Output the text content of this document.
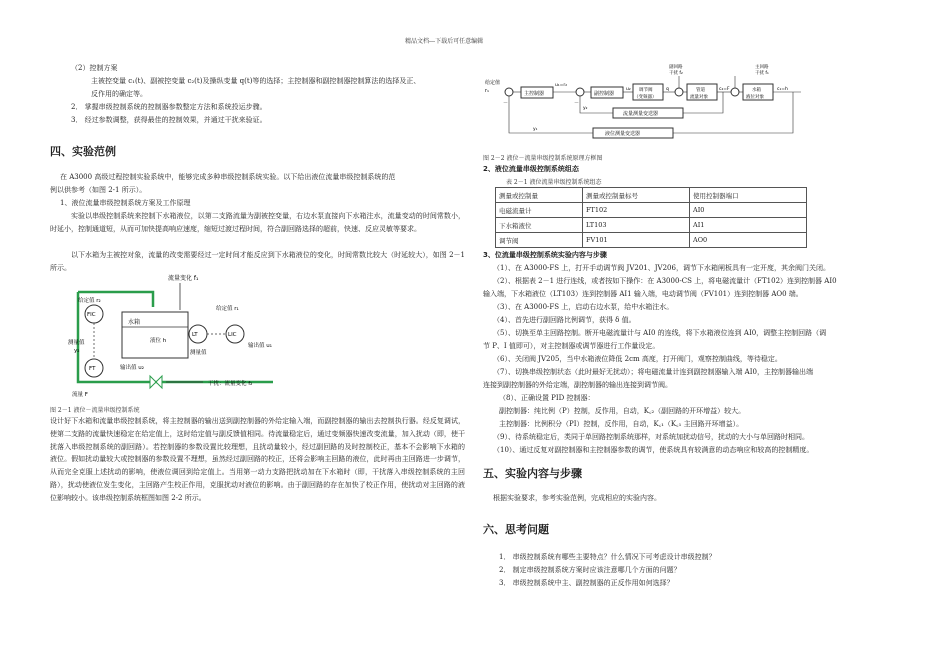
精品文档---下载后可任意编辑
（2）控制方案
主被控变量 c₁(t)、副被控变量 c₂(t)及操纵变量 q(t)等的选择；主控制器和副控制器控制算法的选择及正、
反作用的确定等。
2． 掌握串级控制系统的控制器参数整定方法和系统投运步骤。
3． 经过参数调整，获得最佳的控制效果，并通过干扰来验证。
四、实验范例
在 A3000 高级过程控制实验系统中，能够完成多种串级控制系统实验。以下给出液位流量串级控制系统的范
例以供参考（如图 2-1 所示）。
1、液位流量串级控制系统方案及工作原理
实验以串级控制系统来控制下水箱液位，以第二支路流量为副被控变量，右边水泵直接向下水箱注水，流量变动的时间常数小，时延小，控制通道短，从而可加快提高响应速度，缩短过渡过程时间，符合副回路选择的超前，快速、反应灵敏等要求。
以下水箱为主被控对象，流量的改变需要经过一定时间才能反应到下水箱液位的变化，时间常数比较大（时延较大），如图 2－1 所示。
水箱
液位 h
流量变化 f₁
给定值 r₂
FIC
测量值
y₂
FT
流量 F
输出值 u₂
LT
测量值
给定值 r₁
LIC
输出值 u₁
干扰：流量变化 f₂
图 2－1 液位－流量串级控制系统
设计好下水箱和流量串级控制系统，将主控制器的输出送到副控制器的外给定输入端，而副控制器的输出去控制执行器。经反复调试，使第二支路的流量快速稳定在给定值上，这时给定值与副反馈值相同。待流量稳定后，通过变频器快速改变流量，加入扰动（即，使干扰落入串级控制系统的副回路）。若控制器的参数设置比较理想，且扰动量较小，经过副回路的及时控制校正，基本不会影响下水箱的液位。假如扰动量较大或控制器的参数设置不理想，虽然经过副回路的校正，还将会影响主回路的液位，此时再由主回路进一步调节，从而完全克服上述扰动的影响，使液位调回到给定值上。当用第一动力支路把扰动加在下水箱时（即，干扰落入串级控制系统的主回路），扰动使液位发生变化，主回路产生校正作用，克服扰动对液位的影响。由于副回路的存在加快了校正作用，使扰动对主回路的液位影响较小。该串级控制系统框图如图 2-2 所示。
给定值
r₁	主控制器
u₁=r₂
副控制器
u₂ 调节阀
（变频器）
q	管道
流量对象
c₂=F	水箱
液位对象
c₁=h
副回路
干扰 f₂
主回路
干扰 f₁
流量测量变送器
液位测量变送器
y₂
y₁
－	－
图 2－2 液位－流量串级控制系统原理方框图
2、液位流量串级控制系统组态
表 2－1 液位流量串级控制系统组态
测量或控制量	测量或控制量标号	使用控制器端口
电磁流量计	FT102	AI0
下水箱液位	LT103	AI1
调节阀	FV101	AO0
3、位流量串级控制系统实验内容与步骤
（1）、在 A3000-FS 上，打开手动调节阀 JV201、JV206，调节下水箱闸板具有一定开度，其余阀门关闭。
（2）、根据表 2－1 进行连线，或者按如下操作：在 A3000-CS 上，将电磁流量计（FT102）连到控制器 AI0
输入端，下水箱液位（LT103）连到控制器 AI1 输入端，电动调节阀（FV101）连到控制器 AO0 端。
（3）、在 A3000-FS 上，启动右边水泵，给中水箱注水。
（4）、首先进行副回路比例调节，获得 δ 值。
（5）、切换至单主回路控制。断开电磁流量计与 AI0 的连线，将下水箱液位连到 AI0，调整主控制回路（调
节 P、I 值即可），对主控制器或调节器进行工作量设定。
（6）、关闭阀 JV205，当中水箱液位降低 2cm 高度，打开阀门，观察控制曲线，等待稳定。
（7）、切换串级控制状态（此时最好无扰动）；将电磁流量计连到副控制器输入端 AI0，主控制器输出端
连接到副控制器的外给定端，副控制器的输出连接到调节阀。
（8）、正确设置 PID 控制器：
副控制器：纯比例（P）控制，反作用，自动，K꜀₂（副回路的开环增益）较大。
主控制器：比例积分（PI）控制，反作用，自动，K꜀₁（K꜀₁ 主回路开环增益）。
（9）、待系统稳定后，类同于单回路控制系统那样，对系统加扰动信号，扰动的大小与单回路时相同。
（10）、通过反复对副控制器和主控制器参数的调节，使系统具有较满意的动态响应和较高的控制精度。
五、实验内容与步骤
根据实验要求，参考实验范例，完成相应的实验内容。
六、思考问题
1． 串级控制系统有哪些主要特点？什么情况下可考虑设计串级控制？
2． 制定串级控制系统方案时应该注意哪几个方面的问题？
3． 串级控制系统中主、副控制器的正反作用如何选择？
